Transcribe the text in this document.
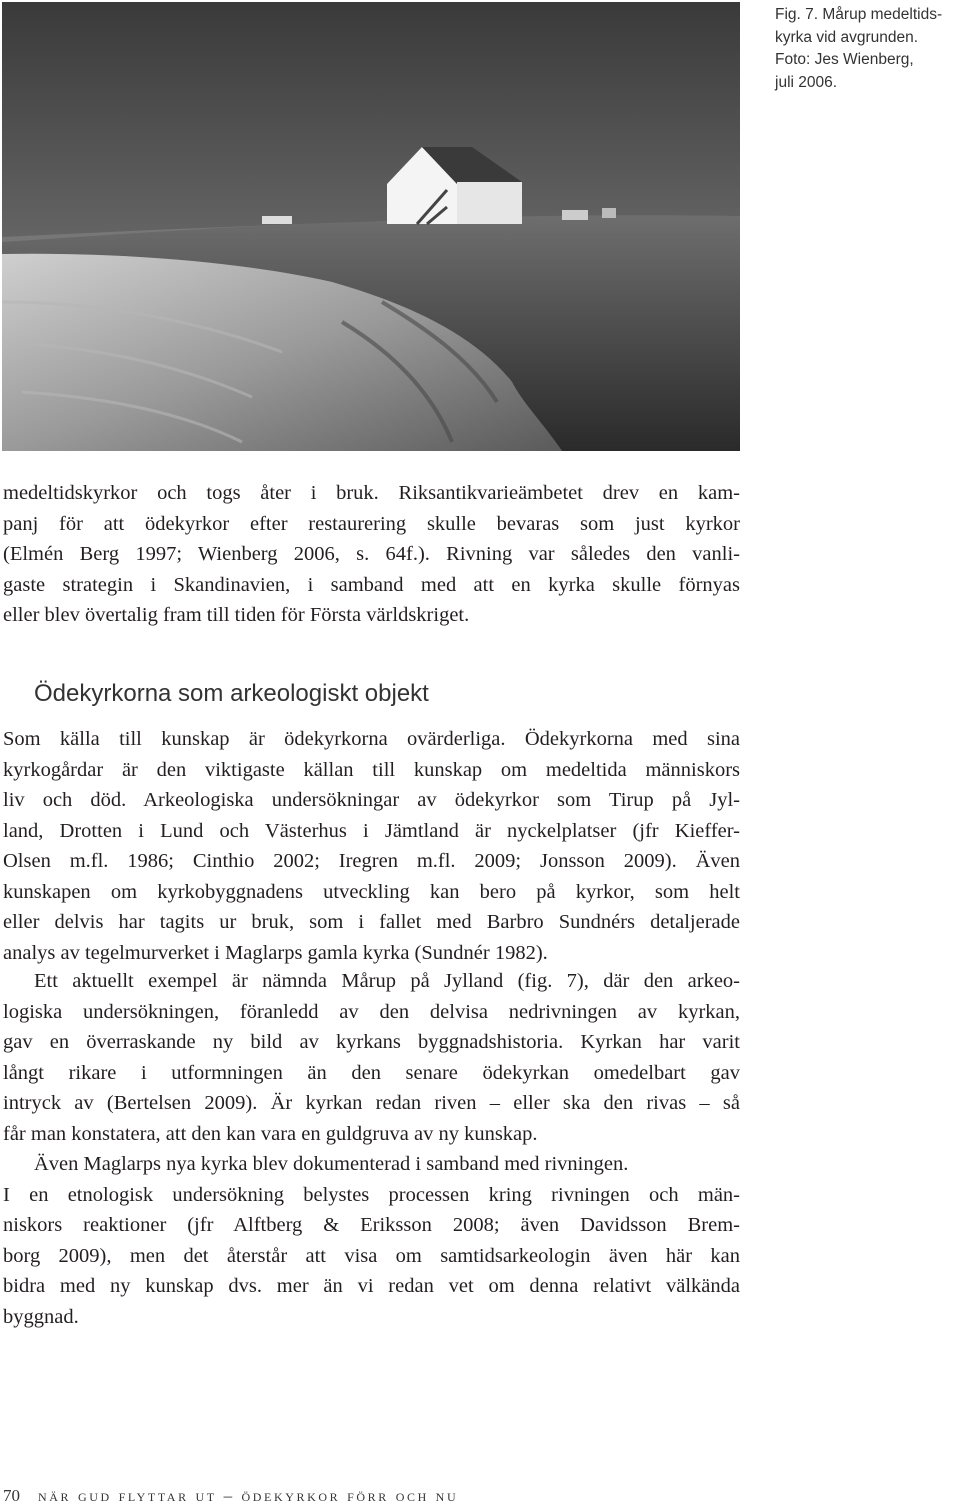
Fig. 7. Mårup medeltids-
kyrka vid avgrunden.
Foto: Jes Wienberg,
juli 2006.
medeltidskyrkor och togs åter i bruk. Riksantikvarieämbetet drev en kam-
panj för att ödekyrkor efter restaurering skulle bevaras som just kyrkor
(Elmén Berg 1997; Wienberg 2006, s. 64f.). Rivning var således den vanli-
gaste strategin i Skandinavien, i samband med att en kyrka skulle förnyas
eller blev övertalig fram till tiden för Första världskriget.
Ödekyrkorna som arkeologiskt objekt
Som källa till kunskap är ödekyrkorna ovärderliga. Ödekyrkorna med sina
kyrkogårdar är den viktigaste källan till kunskap om medeltida människors
liv och död. Arkeologiska undersökningar av ödekyrkor som Tirup på Jyl-
land, Drotten i Lund och Västerhus i Jämtland är nyckelplatser (jfr Kieffer-
Olsen m.fl. 1986; Cinthio 2002; Iregren m.fl. 2009; Jonsson 2009). Även
kunskapen om kyrkobyggnadens utveckling kan bero på kyrkor, som helt
eller delvis har tagits ur bruk, som i fallet med Barbro Sundnérs detaljerade
analys av tegelmurverket i Maglarps gamla kyrka (Sundnér 1982).
Ett aktuellt exempel är nämnda Mårup på Jylland (fig. 7), där den arkeo-
logiska undersökningen, föranledd av den delvisa nedrivningen av kyrkan,
gav en överraskande ny bild av kyrkans byggnadshistoria. Kyrkan har varit
långt rikare i utformningen än den senare ödekyrkan omedelbart gav
intryck av (Bertelsen 2009). Är kyrkan redan riven – eller ska den rivas – så
får man konstatera, att den kan vara en guldgruva av ny kunskap.
Även Maglarps nya kyrka blev dokumenterad i samband med rivningen.
I en etnologisk undersökning belystes processen kring rivningen och män-
niskors reaktioner (jfr Alftberg & Eriksson 2008; även Davidsson Brem-
borg 2009), men det återstår att visa om samtidsarkeologin även här kan
bidra med ny kunskap dvs. mer än vi redan vet om denna relativt välkända
byggnad.
70 när gud flyttar ut – ödekyrkor förr och nu
